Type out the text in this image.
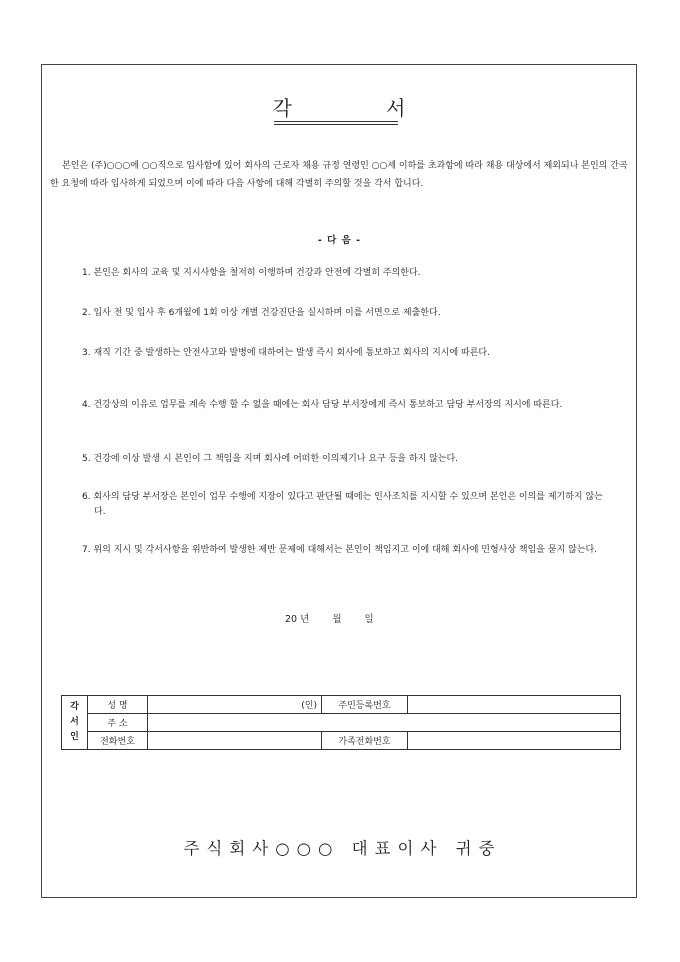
각 서

본인은 (주)○○○에 ○○직으로 입사함에 있어 회사의 근로자 채용 규정 연령인 ○○세 이하를 초과함에 따라 채용 대상에서 제외되나 본인의 간곡한 요청에 따라 입사하게 되었으며 이에 따라 다음 사항에 대해 각별히 주의할 것을 각서 합니다.

- 다 음 -
1. 본인은 회사의 교육 및 지시사항을 철저히 이행하며 건강과 안전에 각별히 주의한다.
2. 입사 전 및 입사 후 6개월에 1회 이상 개별 건강진단을 실시하며 이를 서면으로 제출한다.
3. 재직 기간 중 발생하는 안전사고와 발병에 대하여는 발생 즉시 회사에 통보하고 회사의 지시에 따른다.
4. 건강상의 이유로 업무를 계속 수행 할 수 없을 때에는 회사 담당 부서장에게 즉시 통보하고 담당 부서장의 지시에 따른다.
5. 건강에 이상 발생 시 본인이 그 책임을 지며 회사에 어떠한 이의제기나 요구 등을 하지 않는다.
6. 회사의 담당 부서장은 본인이 업무 수행에 지장이 있다고 판단될 때에는 인사조치를 지시할 수 있으며 본인은 이의를 제기하지 않는다.
7. 위의 지시 및 각서사항을 위반하여 발생한 제반 문제에 대해서는 본인이 책임지고 이에 대해 회사에 민형사상 책임을 묻지 않는다.
20 년 월 일
각 서 인	성 명	(인)	주민등록번호	
	주 소			
	전화번호		가족전화번호	
주식회사○○○ 대표이사 귀중
